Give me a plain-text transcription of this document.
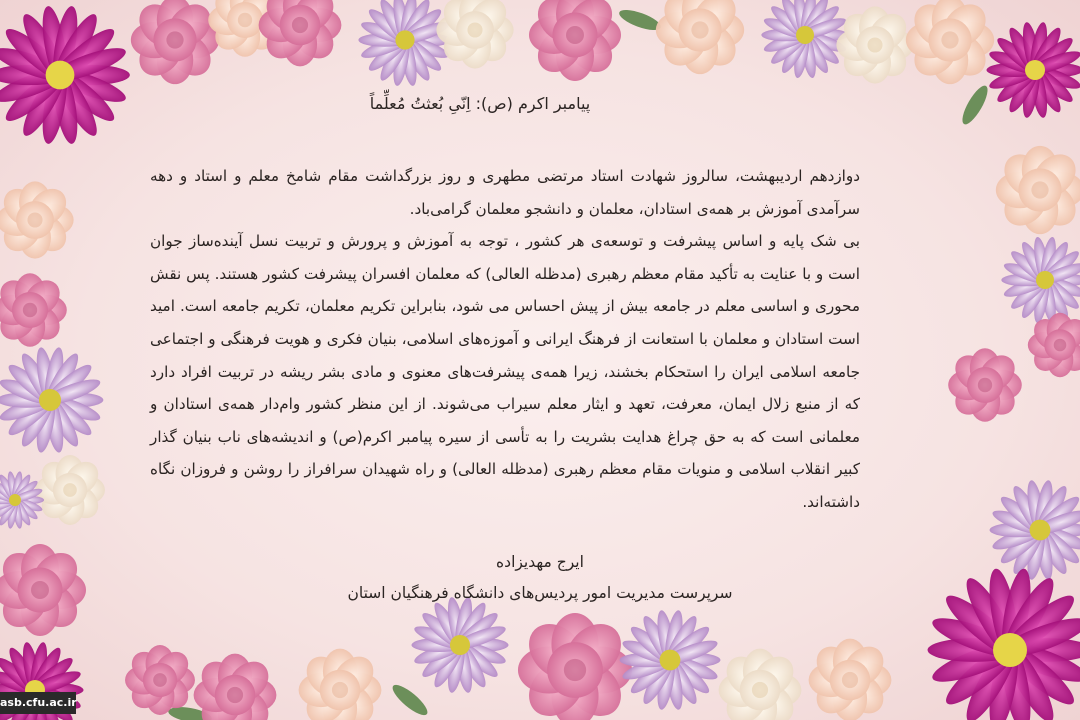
پیامبر اکرم (ص): اِنّیِ بُعثتُ مُعلِّماً

دوازدهم اردیبهشت، سالروز شهادت استاد مرتضی مطهری و روز بزرگداشت مقام شامخ معلم و استاد و دهه سرآمدی آموزش بر همه‌ی استادان، معلمان و دانشجو معلمان گرامی‌باد.

بی شک پایه و اساس پیشرفت و توسعه‌ی هر کشور ، توجه به آموزش و پرورش و تربیت نسل آینده‌ساز جوان است و با عنایت به تأکید مقام معظم رهبری (مدظله العالی) که معلمان افسران پیشرفت کشور هستند. پس نقش محوری و اساسی معلم در جامعه بیش از پیش احساس می شود، بنابراین تکریم معلمان، تکریم جامعه است. امید است استادان و معلمان با استعانت از فرهنگ ایرانی و آموزه‌های اسلامی، بنیان فکری و هویت فرهنگی و اجتماعی جامعه اسلامی ایران را استحکام بخشند، زیرا همه‌ی پیشرفت‌های معنوی و مادی بشر ریشه در تربیت افراد دارد که از منبع زلال ایمان، معرفت، تعهد و ایثار معلم سیراب می‌شوند. از این منظر کشور وام‌دار همه‌ی استادان و معلمانی است که به حق چراغ هدایت بشریت را به تأسی از سیره پیامبر اکرم(ص) و اندیشه‌های ناب بنیان گذار کبیر انقلاب اسلامی و منویات مقام معظم رهبری (مدظله العالی) و راه شهیدان سرافراز را روشن و فروزان نگاه داشته‌اند.

ایرج مهدیزاده
سرپرست مدیریت امور پردیس‌های دانشگاه فرهنگیان استان
asb.cfu.ac.ir
